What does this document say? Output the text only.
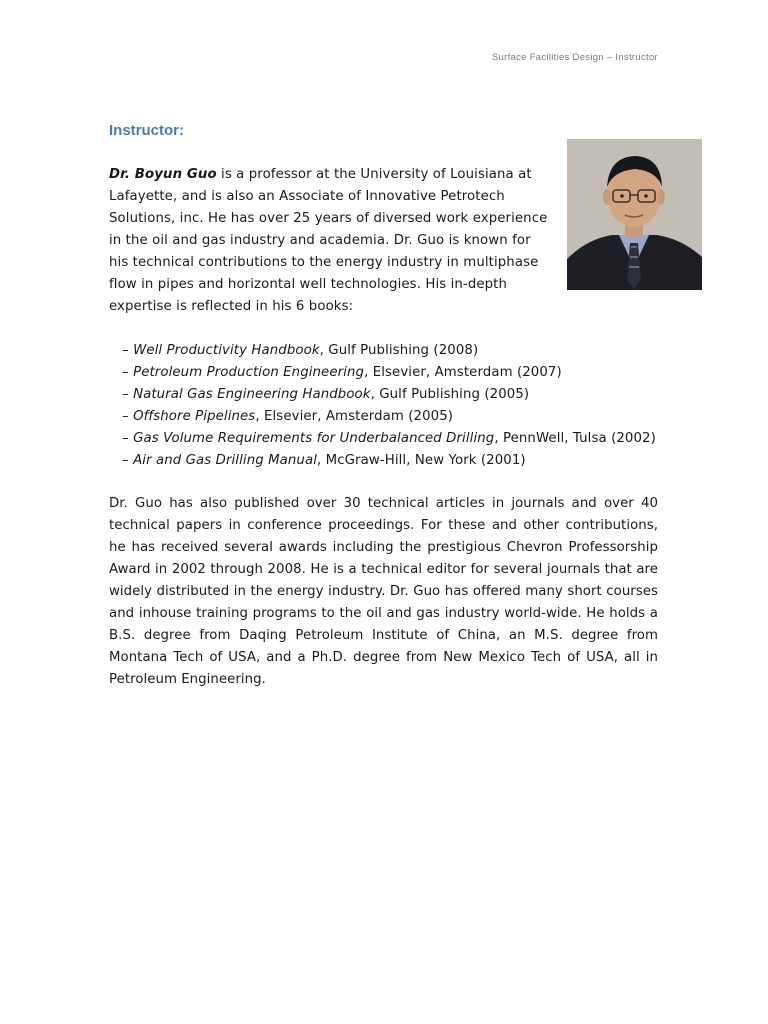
Surface Facilities Design – Instructor
Instructor:

Dr. Boyun Guo is a professor at the University of Louisiana at Lafayette, and is also an Associate of Innovative Petrotech Solutions, inc. He has over 25 years of diversed work experience in the oil and gas industry and academia. Dr. Guo is known for his technical contributions to the energy industry in multiphase flow in pipes and horizontal well technologies. His in-depth expertise is reflected in his 6 books:

– Well Productivity Handbook, Gulf Publishing (2008)
– Petroleum Production Engineering, Elsevier, Amsterdam (2007)
– Natural Gas Engineering Handbook, Gulf Publishing (2005)
– Offshore Pipelines, Elsevier, Amsterdam (2005)
– Gas Volume Requirements for Underbalanced Drilling, PennWell, Tulsa (2002)
– Air and Gas Drilling Manual, McGraw-Hill, New York (2001)

Dr. Guo has also published over 30 technical articles in journals and over 40 technical papers in conference proceedings. For these and other contributions, he has received several awards including the prestigious Chevron Professorship Award in 2002 through 2008. He is a technical editor for several journals that are widely distributed in the energy industry. Dr. Guo has offered many short courses and inhouse training programs to the oil and gas industry world-wide. He holds a B.S. degree from Daqing Petroleum Institute of China, an M.S. degree from Montana Tech of USA, and a Ph.D. degree from New Mexico Tech of USA, all in Petroleum Engineering.
